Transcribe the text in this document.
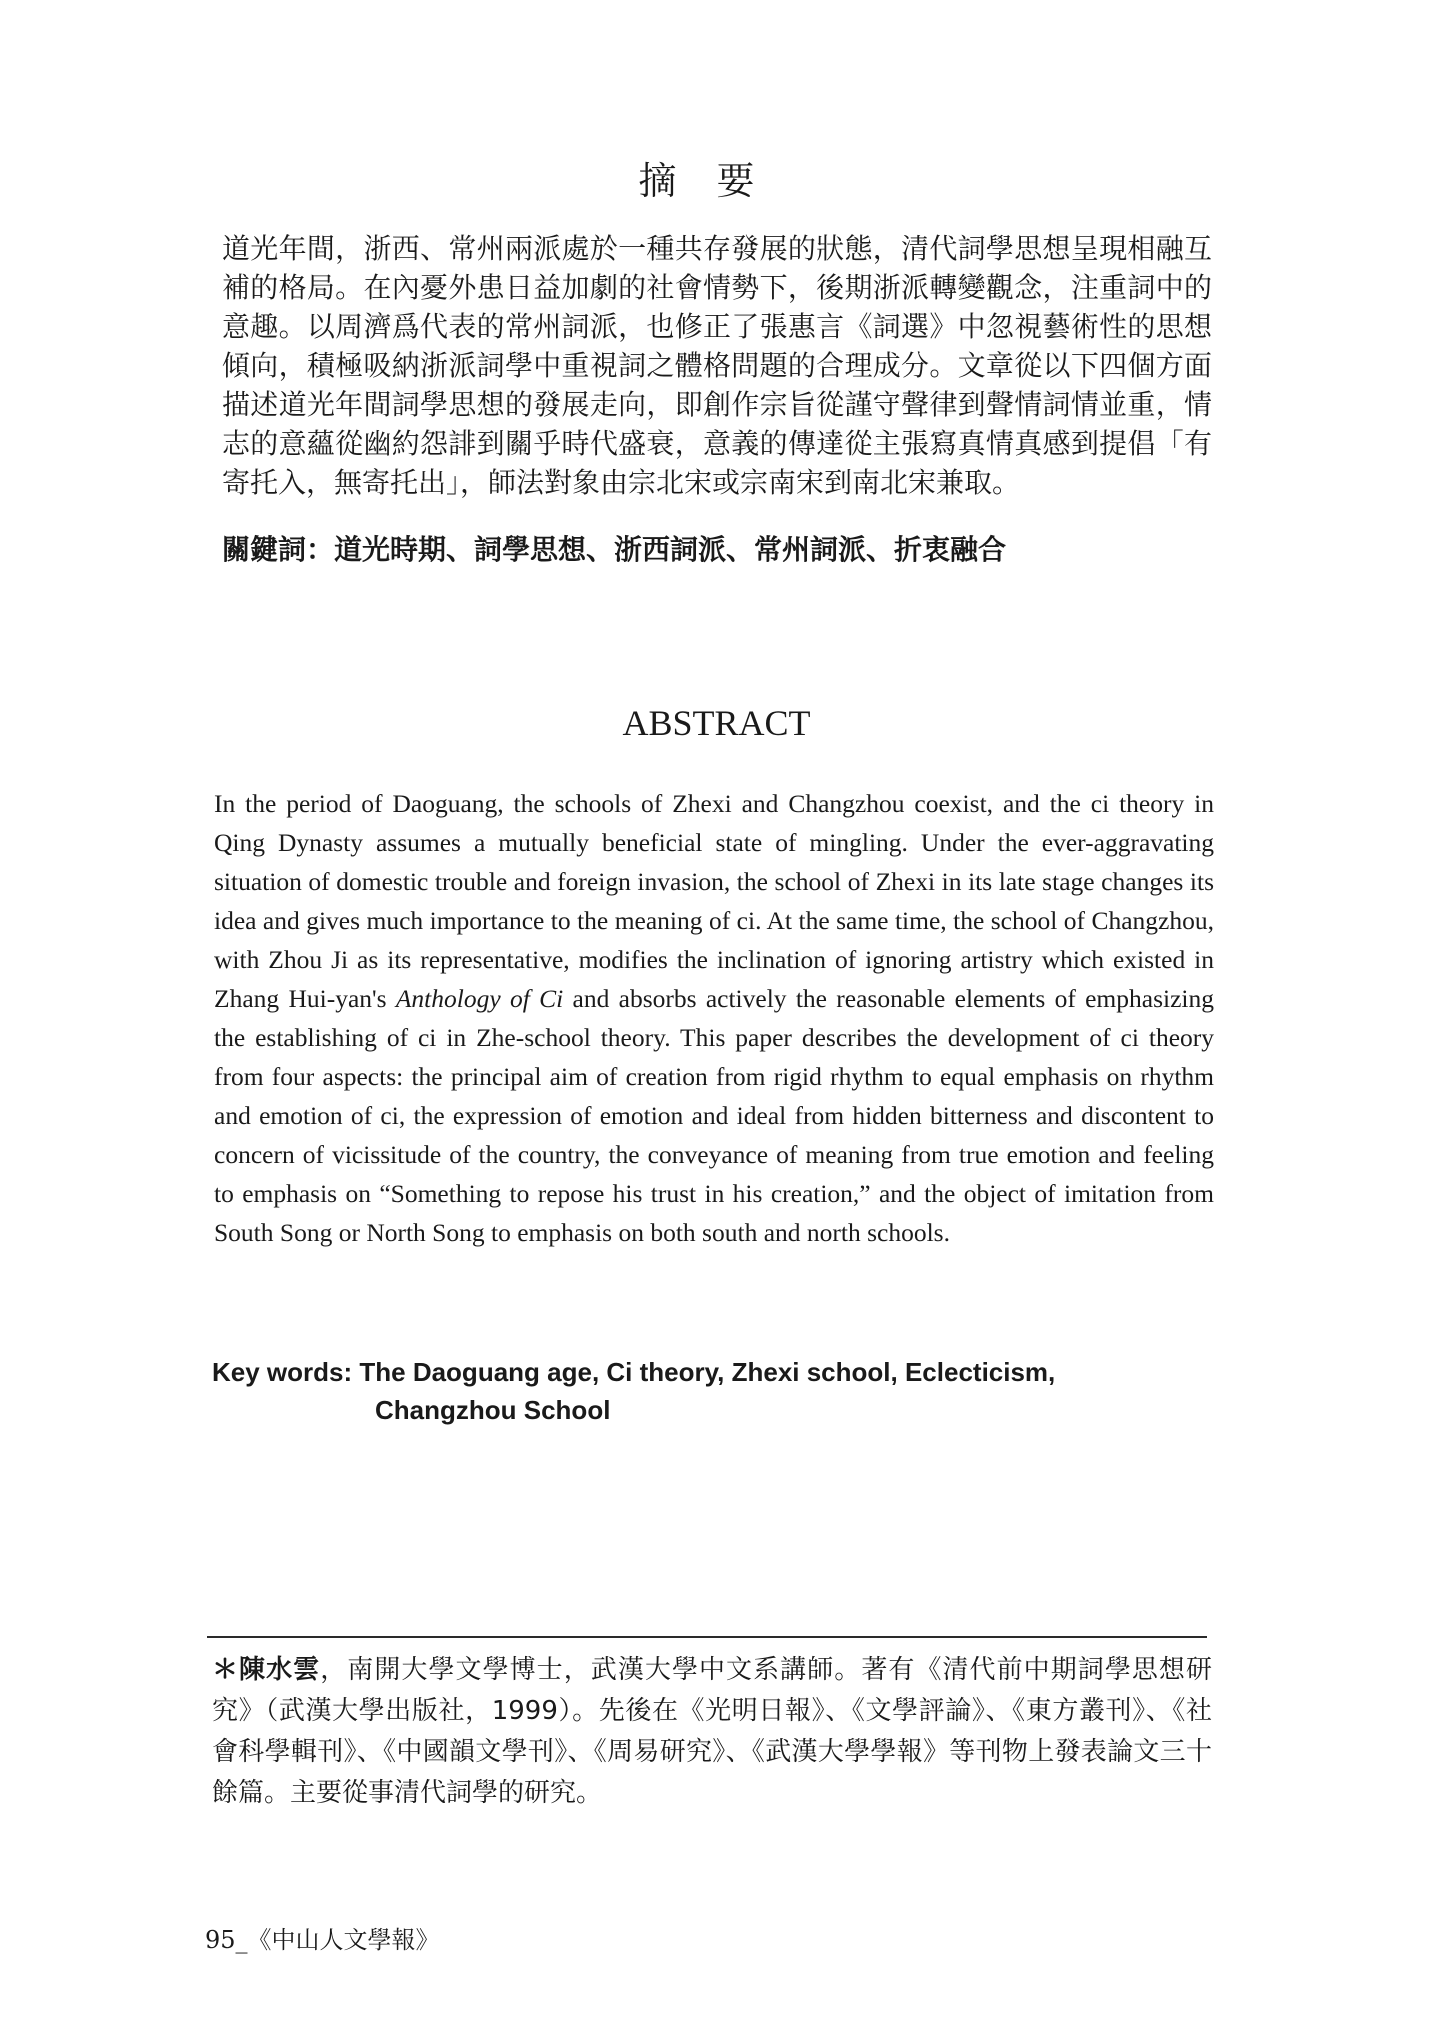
摘要
道光年間，浙西、常州兩派處於一種共存發展的狀態，清代詞學思想呈現相融互補的格局。在內憂外患日益加劇的社會情勢下，後期浙派轉變觀念，注重詞中的意趣。以周濟爲代表的常州詞派，也修正了張惠言《詞選》中忽視藝術性的思想傾向，積極吸納浙派詞學中重視詞之體格問題的合理成分。文章從以下四個方面描述道光年間詞學思想的發展走向，即創作宗旨從謹守聲律到聲情詞情並重，情志的意蘊從幽約怨誹到關乎時代盛衰，意義的傳達從主張寫真情真感到提倡「有寄托入，無寄托出」，師法對象由宗北宋或宗南宋到南北宋兼取。
關鍵詞：道光時期、詞學思想、浙西詞派、常州詞派、折衷融合
ABSTRACT
In the period of Daoguang, the schools of Zhexi and Changzhou coexist, and the ci theory in Qing Dynasty assumes a mutually beneficial state of mingling. Under the ever-aggravating situation of domestic trouble and foreign invasion, the school of Zhexi in its late stage changes its idea and gives much importance to the meaning of ci. At the same time, the school of Changzhou, with Zhou Ji as its representative, modifies the inclination of ignoring artistry which existed in Zhang Hui-yan's Anthology of Ci and absorbs actively the reasonable elements of emphasizing the establishing of ci in Zhe-school theory. This paper describes the development of ci theory from four aspects: the principal aim of creation from rigid rhythm to equal emphasis on rhythm and emotion of ci, the expression of emotion and ideal from hidden bitterness and discontent to concern of vicissitude of the country, the conveyance of meaning from true emotion and feeling to emphasis on “Something to repose his trust in his creation,” and the object of imitation from South Song or North Song to emphasis on both south and north schools.
Key words: The Daoguang age, Ci theory, Zhexi school, Eclecticism,
Changzhou School
＊陳水雲，南開大學文學博士，武漢大學中文系講師。著有《清代前中期詞學思想研究》（武漢大學出版社，1999）。先後在《光明日報》、《文學評論》、《東方叢刊》、《社會科學輯刊》、《中國韻文學刊》、《周易研究》、《武漢大學學報》等刊物上發表論文三十餘篇。主要從事清代詞學的研究。
95_《中山人文學報》
